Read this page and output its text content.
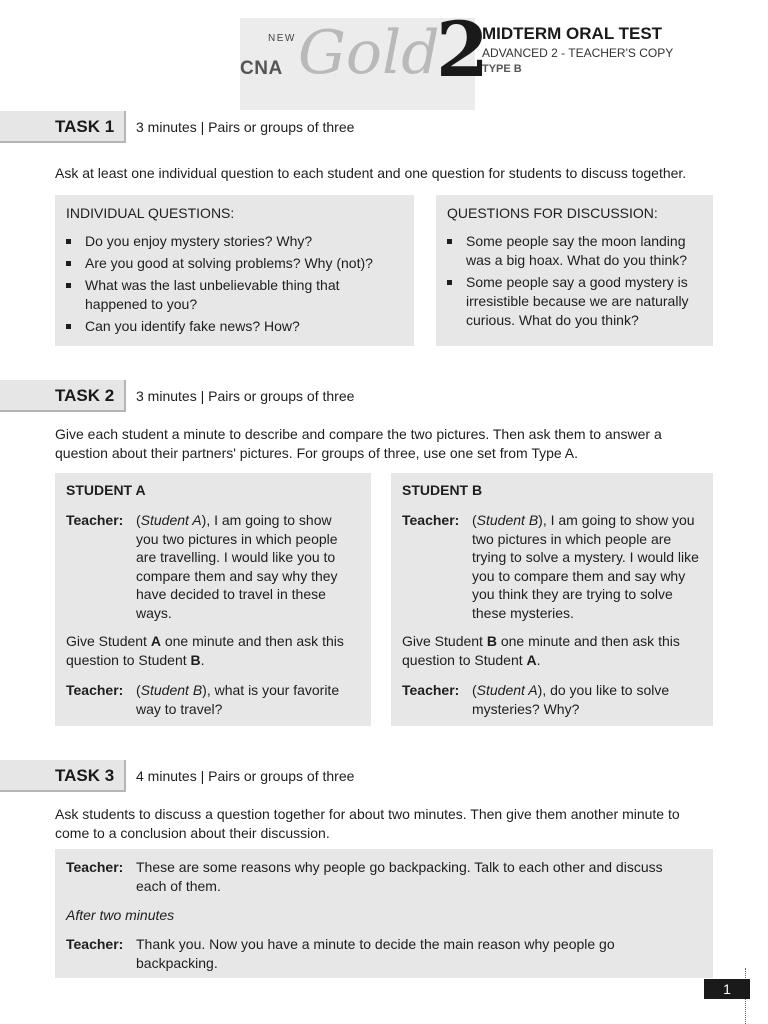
NEW
CNA Gold
2
MIDTERM ORAL TEST
ADVANCED 2 - TEACHER'S COPY
TYPE B
TASK 1 3 minutes | Pairs or groups of three
Ask at least one individual question to each student and one question for students to discuss together.
INDIVIDUAL QUESTIONS:
Do you enjoy mystery stories? Why?
Are you good at solving problems? Why (not)?
What was the last unbelievable thing that happened to you?
Can you identify fake news? How?
QUESTIONS FOR DISCUSSION:
Some people say the moon landing was a big hoax. What do you think?
Some people say a good mystery is irresistible because we are naturally curious. What do you think?
TASK 2 3 minutes | Pairs or groups of three
Give each student a minute to describe and compare the two pictures. Then ask them to answer a question about their partners' pictures. For groups of three, use one set from Type A.
STUDENT A
Teacher: (Student A), I am going to show you two pictures in which people are travelling. I would like you to compare them and say why they have decided to travel in these ways.
Give Student A one minute and then ask this question to Student B.
Teacher: (Student B), what is your favorite way to travel?
STUDENT B
Teacher: (Student B), I am going to show you two pictures in which people are trying to solve a mystery. I would like you to compare them and say why you think they are trying to solve these mysteries.
Give Student B one minute and then ask this question to Student A.
Teacher: (Student A), do you like to solve mysteries? Why?
TASK 3 4 minutes | Pairs or groups of three
Ask students to discuss a question together for about two minutes. Then give them another minute to come to a conclusion about their discussion.
Teacher: These are some reasons why people go backpacking. Talk to each other and discuss each of them.
After two minutes
Teacher: Thank you. Now you have a minute to decide the main reason why people go backpacking.
1
